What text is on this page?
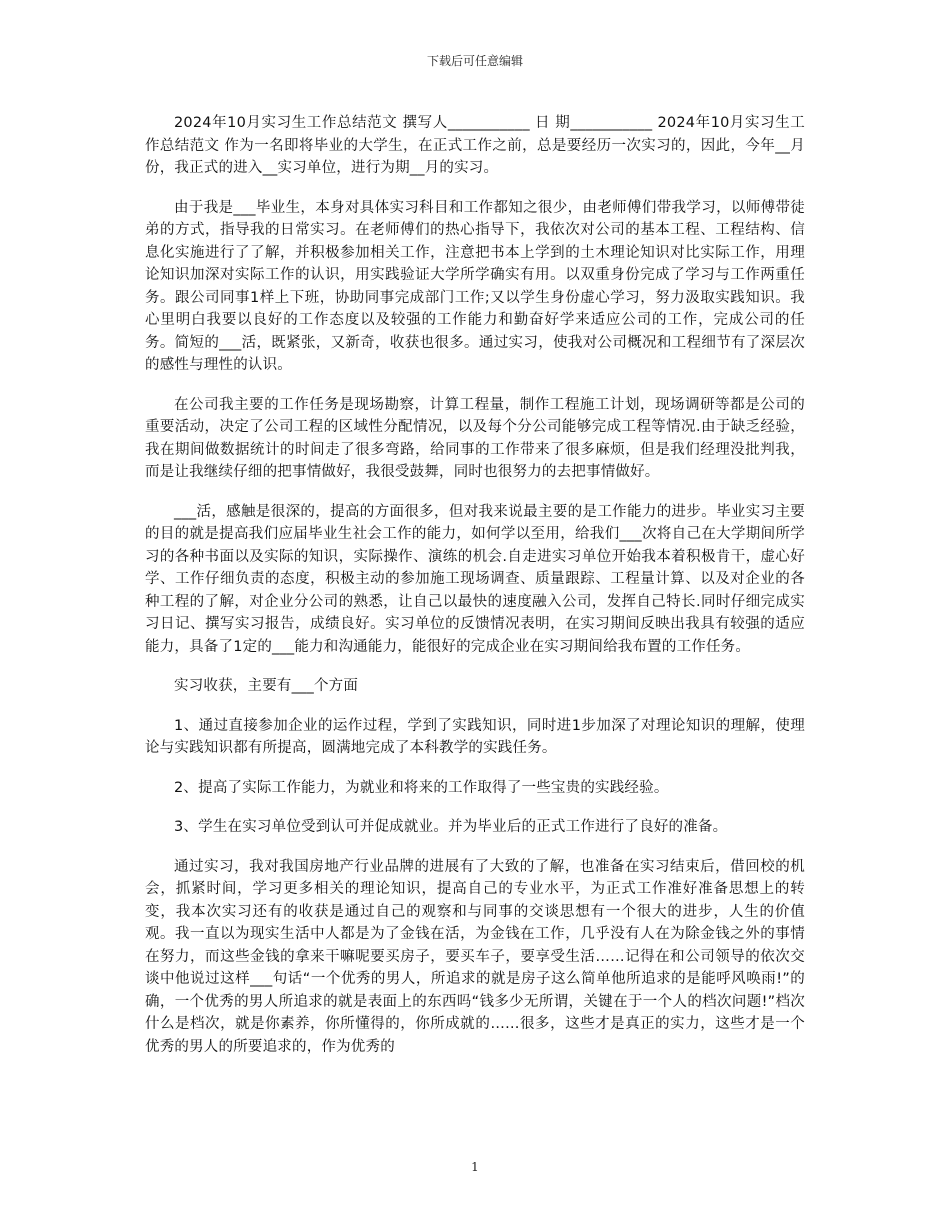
下载后可任意编辑

2024年10月实习生工作总结范文 撰写人___________ 日 期___________ 2024年10月实习生工作总结范文 作为一名即将毕业的大学生，在正式工作之前，总是要经历一次实习的，因此，今年__月份，我正式的进入__实习单位，进行为期__月的实习。

由于我是___毕业生，本身对具体实习科目和工作都知之很少，由老师傅们带我学习，以师傅带徒弟的方式，指导我的日常实习。在老师傅们的热心指导下，我依次对公司的基本工程、工程结构、信息化实施进行了了解，并积极参加相关工作，注意把书本上学到的土木理论知识对比实际工作，用理论知识加深对实际工作的认识，用实践验证大学所学确实有用。以双重身份完成了学习与工作两重任务。跟公司同事1样上下班，协助同事完成部门工作;又以学生身份虚心学习，努力汲取实践知识。我心里明白我要以良好的工作态度以及较强的工作能力和勤奋好学来适应公司的工作，完成公司的任务。简短的___活，既紧张，又新奇，收获也很多。通过实习，使我对公司概况和工程细节有了深层次的感性与理性的认识。

在公司我主要的工作任务是现场勘察，计算工程量，制作工程施工计划，现场调研等都是公司的重要活动，决定了公司工程的区域性分配情况，以及每个分公司能够完成工程等情况.由于缺乏经验，我在期间做数据统计的时间走了很多弯路，给同事的工作带来了很多麻烦，但是我们经理没批判我，而是让我继续仔细的把事情做好，我很受鼓舞，同时也很努力的去把事情做好。

___活，感触是很深的，提高的方面很多，但对我来说最主要的是工作能力的进步。毕业实习主要的目的就是提高我们应届毕业生社会工作的能力，如何学以至用，给我们___次将自己在大学期间所学习的各种书面以及实际的知识，实际操作、演练的机会.自走进实习单位开始我本着积极肯干，虚心好学、工作仔细负责的态度，积极主动的参加施工现场调查、质量跟踪、工程量计算、以及对企业的各种工程的了解，对企业分公司的熟悉，让自己以最快的速度融入公司，发挥自己特长.同时仔细完成实习日记、撰写实习报告，成绩良好。实习单位的反馈情况表明，在实习期间反映出我具有较强的适应能力，具备了1定的___能力和沟通能力，能很好的完成企业在实习期间给我布置的工作任务。

实习收获，主要有___个方面

1、通过直接参加企业的运作过程，学到了实践知识，同时进1步加深了对理论知识的理解，使理论与实践知识都有所提高，圆满地完成了本科教学的实践任务。

2、提高了实际工作能力，为就业和将来的工作取得了一些宝贵的实践经验。

3、学生在实习单位受到认可并促成就业。并为毕业后的正式工作进行了良好的准备。

通过实习，我对我国房地产行业品牌的进展有了大致的了解，也准备在实习结束后，借回校的机会，抓紧时间，学习更多相关的理论知识，提高自己的专业水平，为正式工作准好准备思想上的转变，我本次实习还有的收获是通过自己的观察和与同事的交谈思想有一个很大的进步，人生的价值观。我一直以为现实生活中人都是为了金钱在活，为金钱在工作，几乎没有人在为除金钱之外的事情在努力，而这些金钱的拿来干嘛呢要买房子，要买车子，要享受生活……记得在和公司领导的依次交谈中他说过这样___句话“一个优秀的男人，所追求的就是房子这么简单他所追求的是能呼风唤雨!”的确，一个优秀的男人所追求的就是表面上的东西吗“钱多少无所谓，关键在于一个人的档次问题!”档次什么是档次，就是你素养，你所懂得的，你所成就的……很多，这些才是真正的实力，这些才是一个优秀的男人的所要追求的，作为优秀的

1
